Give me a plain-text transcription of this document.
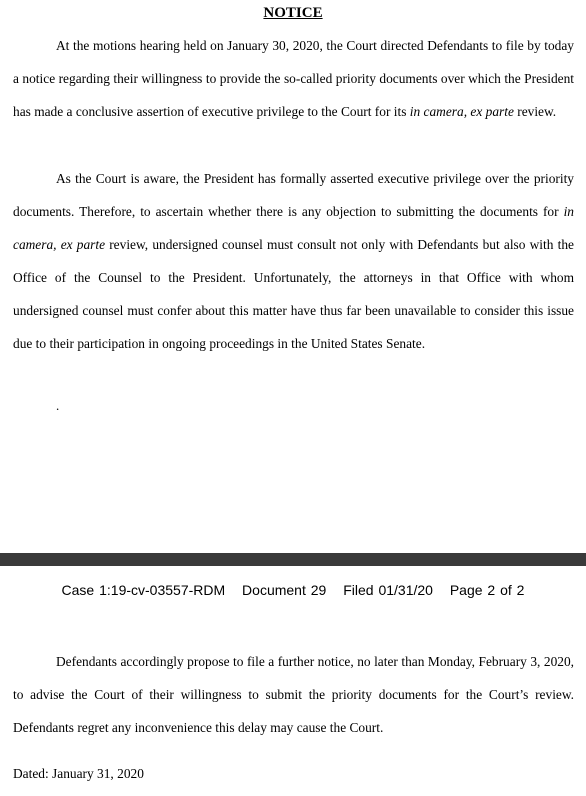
NOTICE

At the motions hearing held on January 30, 2020, the Court directed Defendants to file by today a notice regarding their willingness to provide the so-called priority documents over which the President has made a conclusive assertion of executive privilege to the Court for its in camera, ex parte review.

As the Court is aware, the President has formally asserted executive privilege over the priority documents. Therefore, to ascertain whether there is any objection to submitting the documents for in camera, ex parte review, undersigned counsel must consult not only with Defendants but also with the Office of the Counsel to the President. Unfortunately, the attorneys in that Office with whom undersigned counsel must confer about this matter have thus far been unavailable to consider this issue due to their participation in ongoing proceedings in the United States Senate.

.
Case 1:19-cv-03557-RDM Document 29 Filed 01/31/20 Page 2 of 2

Defendants accordingly propose to file a further notice, no later than Monday, February 3, 2020, to advise the Court of their willingness to submit the priority documents for the Court’s review. Defendants regret any inconvenience this delay may cause the Court.

Dated: January 31, 2020
